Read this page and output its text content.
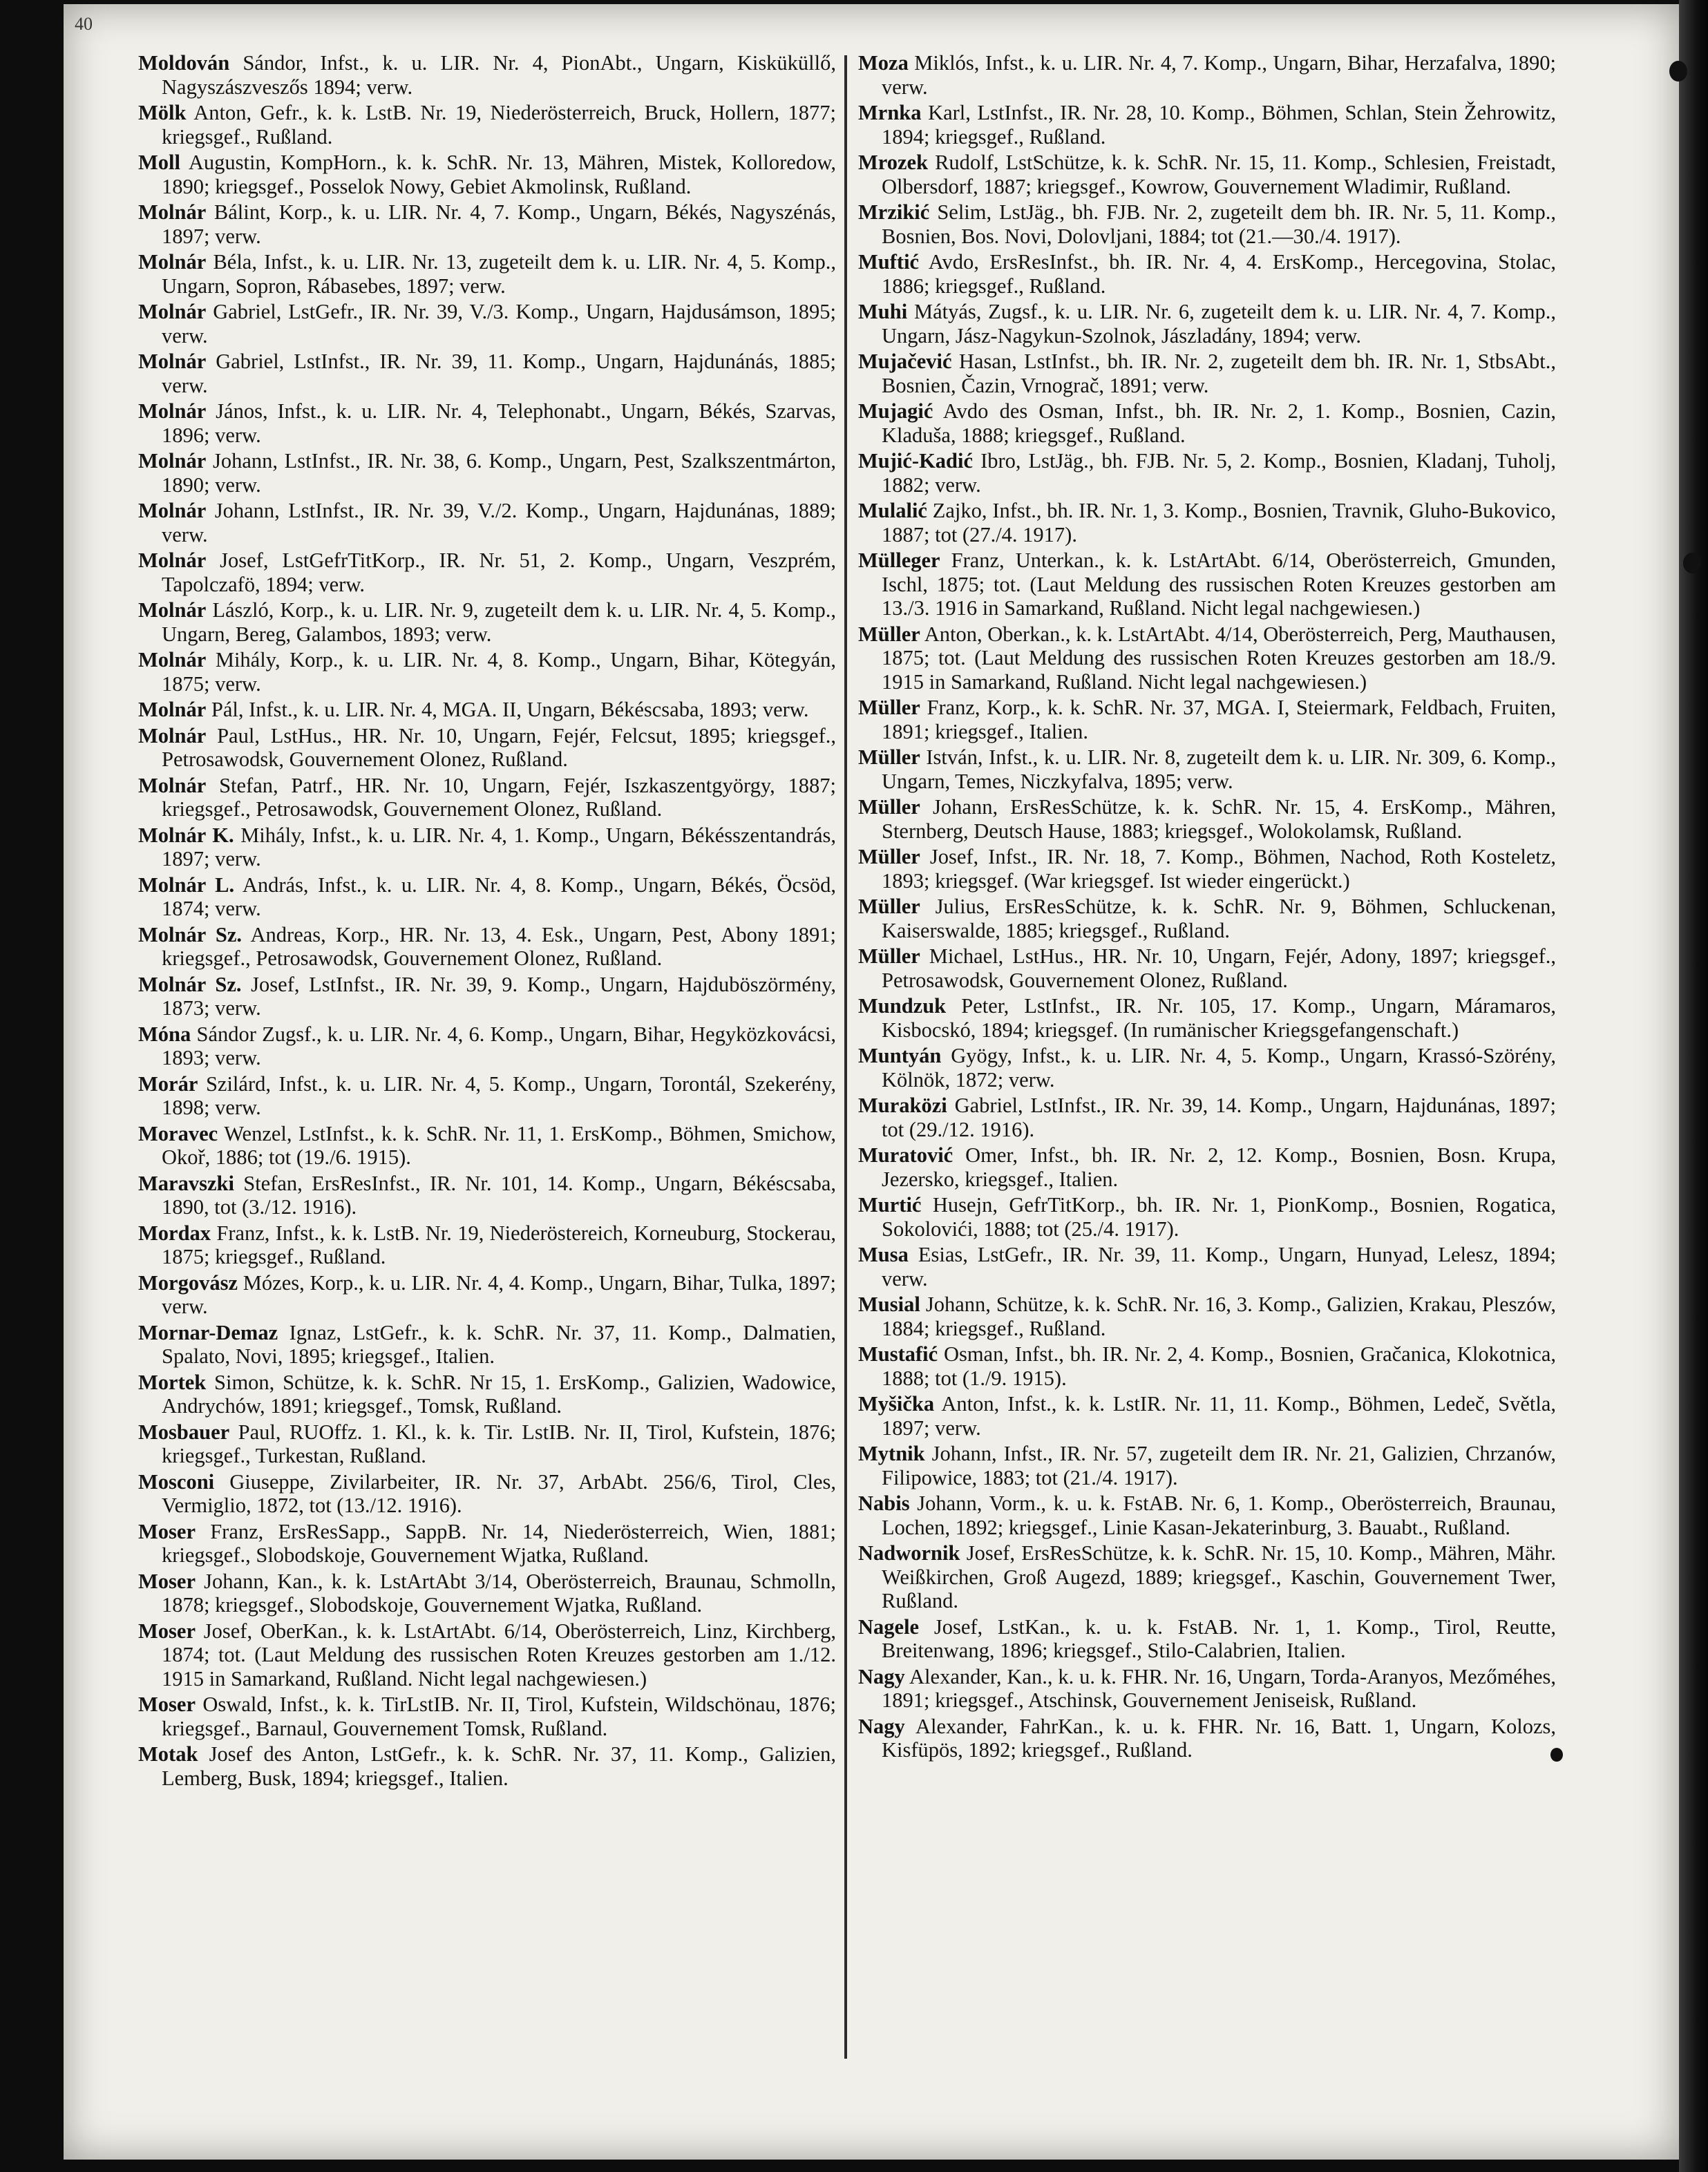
40

Moldován Sándor, Infst., k. u. LIR. Nr. 4, PionAbt., Ungarn, Kisküküllő, Nagyszászveszős 1894; verw.

Mölk Anton, Gefr., k. k. LstB. Nr. 19, Niederösterreich, Bruck, Hollern, 1877; kriegsgef., Rußland.

Moll Augustin, KompHorn., k. k. SchR. Nr. 13, Mähren, Mistek, Kolloredow, 1890; kriegsgef., Posselok Nowy, Gebiet Akmolinsk, Rußland.

Molnár Bálint, Korp., k. u. LIR. Nr. 4, 7. Komp., Ungarn, Békés, Nagyszénás, 1897; verw.

Molnár Béla, Infst., k. u. LIR. Nr. 13, zugeteilt dem k. u. LIR. Nr. 4, 5. Komp., Ungarn, Sopron, Rábasebes, 1897; verw.

Molnár Gabriel, LstGefr., IR. Nr. 39, V./3. Komp., Ungarn, Hajdusámson, 1895; verw.

Molnár Gabriel, LstInfst., IR. Nr. 39, 11. Komp., Ungarn, Hajdunánás, 1885; verw.

Molnár János, Infst., k. u. LIR. Nr. 4, Telephonabt., Ungarn, Békés, Szarvas, 1896; verw.

Molnár Johann, LstInfst., IR. Nr. 38, 6. Komp., Ungarn, Pest, Szalkszentmárton, 1890; verw.

Molnár Johann, LstInfst., IR. Nr. 39, V./2. Komp., Ungarn, Hajdunánas, 1889; verw.

Molnár Josef, LstGefrTitKorp., IR. Nr. 51, 2. Komp., Ungarn, Veszprém, Tapolczafö, 1894; verw.

Molnár László, Korp., k. u. LIR. Nr. 9, zugeteilt dem k. u. LIR. Nr. 4, 5. Komp., Ungarn, Bereg, Galambos, 1893; verw.

Molnár Mihály, Korp., k. u. LIR. Nr. 4, 8. Komp., Ungarn, Bihar, Kötegyán, 1875; verw.

Molnár Pál, Infst., k. u. LIR. Nr. 4, MGA. II, Ungarn, Békéscsaba, 1893; verw.

Molnár Paul, LstHus., HR. Nr. 10, Ungarn, Fejér, Felcsut, 1895; kriegsgef., Petrosawodsk, Gouvernement Olonez, Rußland.

Molnár Stefan, Patrf., HR. Nr. 10, Ungarn, Fejér, Iszkaszentgyörgy, 1887; kriegsgef., Petrosawodsk, Gouvernement Olonez, Rußland.

Molnár K. Mihály, Infst., k. u. LIR. Nr. 4, 1. Komp., Ungarn, Békésszentandrás, 1897; verw.

Molnár L. András, Infst., k. u. LIR. Nr. 4, 8. Komp., Ungarn, Békés, Öcsöd, 1874; verw.

Molnár Sz. Andreas, Korp., HR. Nr. 13, 4. Esk., Ungarn, Pest, Abony 1891; kriegsgef., Petrosawodsk, Gouvernement Olonez, Rußland.

Molnár Sz. Josef, LstInfst., IR. Nr. 39, 9. Komp., Ungarn, Hajduböszörmény, 1873; verw.

Móna Sándor Zugsf., k. u. LIR. Nr. 4, 6. Komp., Ungarn, Bihar, Hegyközkovácsi, 1893; verw.

Morár Szilárd, Infst., k. u. LIR. Nr. 4, 5. Komp., Ungarn, Torontál, Szekerény, 1898; verw.

Moravec Wenzel, LstInfst., k. k. SchR. Nr. 11, 1. ErsKomp., Böhmen, Smichow, Okoř, 1886; tot (19./6. 1915).

Maravszki Stefan, ErsResInfst., IR. Nr. 101, 14. Komp., Ungarn, Békéscsaba, 1890, tot (3./12. 1916).

Mordax Franz, Infst., k. k. LstB. Nr. 19, Niederöstereich, Korneuburg, Stockerau, 1875; kriegsgef., Rußland.

Morgovász Mózes, Korp., k. u. LIR. Nr. 4, 4. Komp., Ungarn, Bihar, Tulka, 1897; verw.

Mornar-Demaz Ignaz, LstGefr., k. k. SchR. Nr. 37, 11. Komp., Dalmatien, Spalato, Novi, 1895; kriegsgef., Italien.

Mortek Simon, Schütze, k. k. SchR. Nr 15, 1. ErsKomp., Galizien, Wadowice, Andrychów, 1891; kriegsgef., Tomsk, Rußland.

Mosbauer Paul, RUOffz. 1. Kl., k. k. Tir. LstIB. Nr. II, Tirol, Kufstein, 1876; kriegsgef., Turkestan, Rußland.

Mosconi Giuseppe, Zivilarbeiter, IR. Nr. 37, ArbAbt. 256/6, Tirol, Cles, Vermiglio, 1872, tot (13./12. 1916).

Moser Franz, ErsResSapp., SappB. Nr. 14, Niederösterreich, Wien, 1881; kriegsgef., Slobodskoje, Gouvernement Wjatka, Rußland.

Moser Johann, Kan., k. k. LstArtAbt 3/14, Oberösterreich, Braunau, Schmolln, 1878; kriegsgef., Slobodskoje, Gouvernement Wjatka, Rußland.

Moser Josef, OberKan., k. k. LstArtAbt. 6/14, Oberösterreich, Linz, Kirchberg, 1874; tot. (Laut Meldung des russischen Roten Kreuzes gestorben am 1./12. 1915 in Samarkand, Rußland. Nicht legal nachgewiesen.)

Moser Oswald, Infst., k. k. TirLstIB. Nr. II, Tirol, Kufstein, Wildschönau, 1876; kriegsgef., Barnaul, Gouvernement Tomsk, Rußland.

Motak Josef des Anton, LstGefr., k. k. SchR. Nr. 37, 11. Komp., Galizien, Lemberg, Busk, 1894; kriegsgef., Italien.

Moza Miklós, Infst., k. u. LIR. Nr. 4, 7. Komp., Ungarn, Bihar, Herzafalva, 1890; verw.

Mrnka Karl, LstInfst., IR. Nr. 28, 10. Komp., Böhmen, Schlan, Stein Žehrowitz, 1894; kriegsgef., Rußland.

Mrozek Rudolf, LstSchütze, k. k. SchR. Nr. 15, 11. Komp., Schlesien, Freistadt, Olbersdorf, 1887; kriegsgef., Kowrow, Gouvernement Wladimir, Rußland.

Mrzikić Selim, LstJäg., bh. FJB. Nr. 2, zugeteilt dem bh. IR. Nr. 5, 11. Komp., Bosnien, Bos. Novi, Dolovljani, 1884; tot (21.—30./4. 1917).

Muftić Avdo, ErsResInfst., bh. IR. Nr. 4, 4. ErsKomp., Hercegovina, Stolac, 1886; kriegsgef., Rußland.

Muhi Mátyás, Zugsf., k. u. LIR. Nr. 6, zugeteilt dem k. u. LIR. Nr. 4, 7. Komp., Ungarn, Jász-Nagykun-Szolnok, Jászladány, 1894; verw.

Mujačević Hasan, LstInfst., bh. IR. Nr. 2, zugeteilt dem bh. IR. Nr. 1, StbsAbt., Bosnien, Čazin, Vrnograč, 1891; verw.

Mujagić Avdo des Osman, Infst., bh. IR. Nr. 2, 1. Komp., Bosnien, Cazin, Kladuša, 1888; kriegsgef., Rußland.

Mujić-Kadić Ibro, LstJäg., bh. FJB. Nr. 5, 2. Komp., Bosnien, Kladanj, Tuholj, 1882; verw.

Mulalić Zajko, Infst., bh. IR. Nr. 1, 3. Komp., Bosnien, Travnik, Gluho-Bukovico, 1887; tot (27./4. 1917).

Mülleger Franz, Unterkan., k. k. LstArtAbt. 6/14, Oberösterreich, Gmunden, Ischl, 1875; tot. (Laut Meldung des russischen Roten Kreuzes gestorben am 13./3. 1916 in Samarkand, Rußland. Nicht legal nachgewiesen.)

Müller Anton, Oberkan., k. k. LstArtAbt. 4/14, Oberösterreich, Perg, Mauthausen, 1875; tot. (Laut Meldung des russischen Roten Kreuzes gestorben am 18./9. 1915 in Samarkand, Rußland. Nicht legal nachgewiesen.)

Müller Franz, Korp., k. k. SchR. Nr. 37, MGA. I, Steiermark, Feldbach, Fruiten, 1891; kriegsgef., Italien.

Müller István, Infst., k. u. LIR. Nr. 8, zugeteilt dem k. u. LIR. Nr. 309, 6. Komp., Ungarn, Temes, Niczkyfalva, 1895; verw.

Müller Johann, ErsResSchütze, k. k. SchR. Nr. 15, 4. ErsKomp., Mähren, Sternberg, Deutsch Hause, 1883; kriegsgef., Wolokolamsk, Rußland.

Müller Josef, Infst., IR. Nr. 18, 7. Komp., Böhmen, Nachod, Roth Kosteletz, 1893; kriegsgef. (War kriegsgef. Ist wieder eingerückt.)

Müller Julius, ErsResSchütze, k. k. SchR. Nr. 9, Böhmen, Schluckenan, Kaiserswalde, 1885; kriegsgef., Rußland.

Müller Michael, LstHus., HR. Nr. 10, Ungarn, Fejér, Adony, 1897; kriegsgef., Petrosawodsk, Gouvernement Olonez, Rußland.

Mundzuk Peter, LstInfst., IR. Nr. 105, 17. Komp., Ungarn, Máramaros, Kisbocskó, 1894; kriegsgef. (In rumänischer Kriegsgefangenschaft.)

Muntyán Gyögy, Infst., k. u. LIR. Nr. 4, 5. Komp., Ungarn, Krassó-Szörény, Kölnök, 1872; verw.

Muraközi Gabriel, LstInfst., IR. Nr. 39, 14. Komp., Ungarn, Hajdunánas, 1897; tot (29./12. 1916).

Muratović Omer, Infst., bh. IR. Nr. 2, 12. Komp., Bosnien, Bosn. Krupa, Jezersko, kriegsgef., Italien.

Murtić Husejn, GefrTitKorp., bh. IR. Nr. 1, PionKomp., Bosnien, Rogatica, Sokolovići, 1888; tot (25./4. 1917).

Musa Esias, LstGefr., IR. Nr. 39, 11. Komp., Ungarn, Hunyad, Lelesz, 1894; verw.

Musial Johann, Schütze, k. k. SchR. Nr. 16, 3. Komp., Galizien, Krakau, Pleszów, 1884; kriegsgef., Rußland.

Mustafić Osman, Infst., bh. IR. Nr. 2, 4. Komp., Bosnien, Gračanica, Klokotnica, 1888; tot (1./9. 1915).

Myšička Anton, Infst., k. k. LstIR. Nr. 11, 11. Komp., Böhmen, Ledeč, Světla, 1897; verw.

Mytnik Johann, Infst., IR. Nr. 57, zugeteilt dem IR. Nr. 21, Galizien, Chrzanów, Filipowice, 1883; tot (21./4. 1917).

Nabis Johann, Vorm., k. u. k. FstAB. Nr. 6, 1. Komp., Oberösterreich, Braunau, Lochen, 1892; kriegsgef., Linie Kasan-Jekaterinburg, 3. Bauabt., Rußland.

Nadwornik Josef, ErsResSchütze, k. k. SchR. Nr. 15, 10. Komp., Mähren, Mähr. Weißkirchen, Groß Augezd, 1889; kriegsgef., Kaschin, Gouvernement Twer, Rußland.

Nagele Josef, LstKan., k. u. k. FstAB. Nr. 1, 1. Komp., Tirol, Reutte, Breitenwang, 1896; kriegsgef., Stilo-Calabrien, Italien.

Nagy Alexander, Kan., k. u. k. FHR. Nr. 16, Ungarn, Torda-Aranyos, Mezőméhes, 1891; kriegsgef., Atschinsk, Gouvernement Jeniseisk, Rußland.

Nagy Alexander, FahrKan., k. u. k. FHR. Nr. 16, Batt. 1, Ungarn, Kolozs, Kisfüpös, 1892; kriegsgef., Rußland.
